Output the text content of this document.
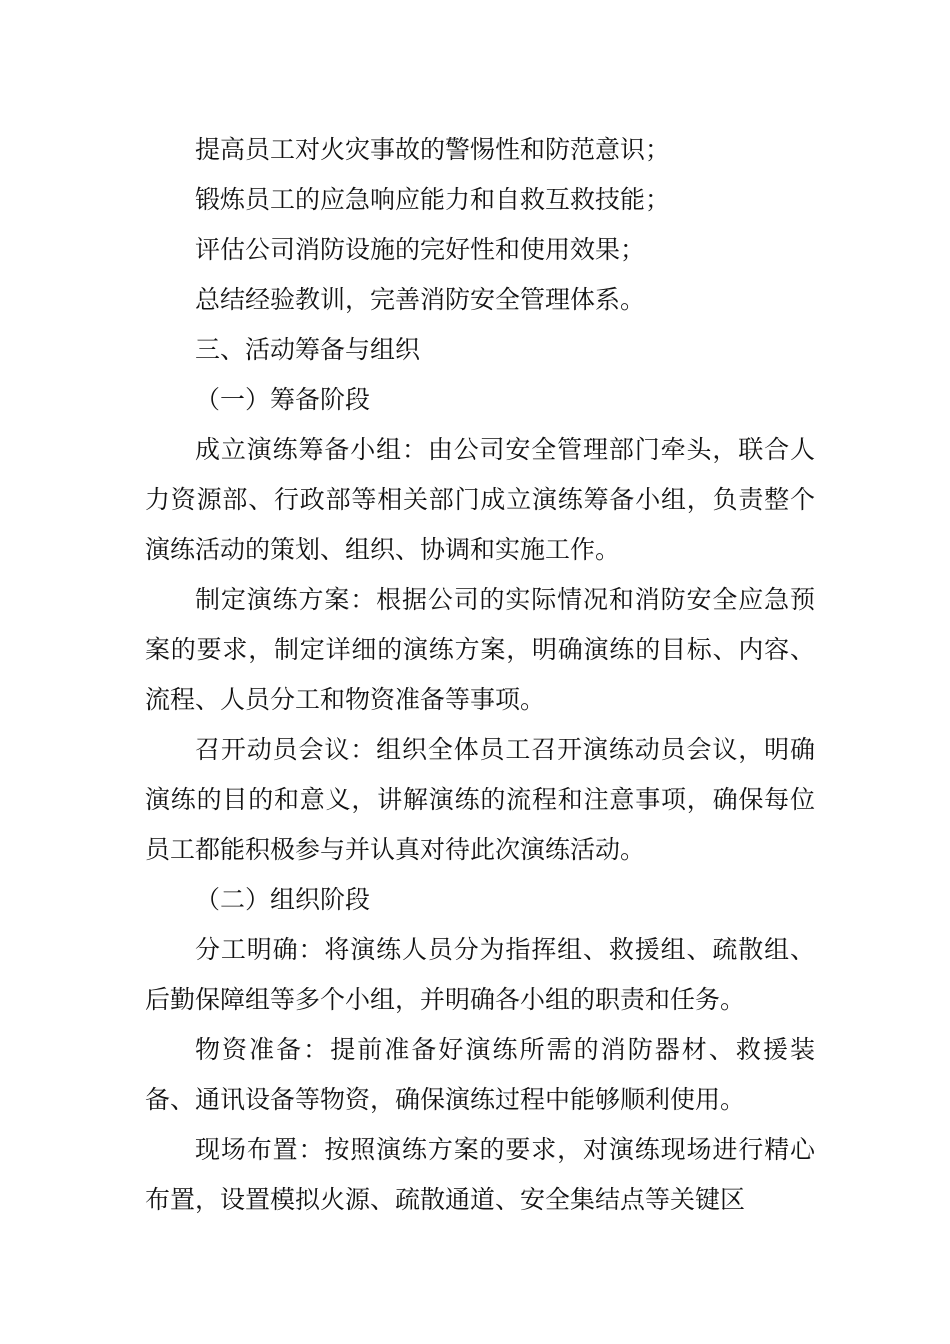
提高员工对火灾事故的警惕性和防范意识；

锻炼员工的应急响应能力和自救互救技能；

评估公司消防设施的完好性和使用效果；

总结经验教训，完善消防安全管理体系。

三、活动筹备与组织

（一）筹备阶段

成立演练筹备小组：由公司安全管理部门牵头，联合人力资源部、行政部等相关部门成立演练筹备小组，负责整个演练活动的策划、组织、协调和实施工作。

制定演练方案：根据公司的实际情况和消防安全应急预案的要求，制定详细的演练方案，明确演练的目标、内容、流程、人员分工和物资准备等事项。

召开动员会议：组织全体员工召开演练动员会议，明确演练的目的和意义，讲解演练的流程和注意事项，确保每位员工都能积极参与并认真对待此次演练活动。

（二）组织阶段

分工明确：将演练人员分为指挥组、救援组、疏散组、后勤保障组等多个小组，并明确各小组的职责和任务。

物资准备：提前准备好演练所需的消防器材、救援装备、通讯设备等物资，确保演练过程中能够顺利使用。

现场布置：按照演练方案的要求，对演练现场进行精心布置，设置模拟火源、疏散通道、安全集结点等关键区
